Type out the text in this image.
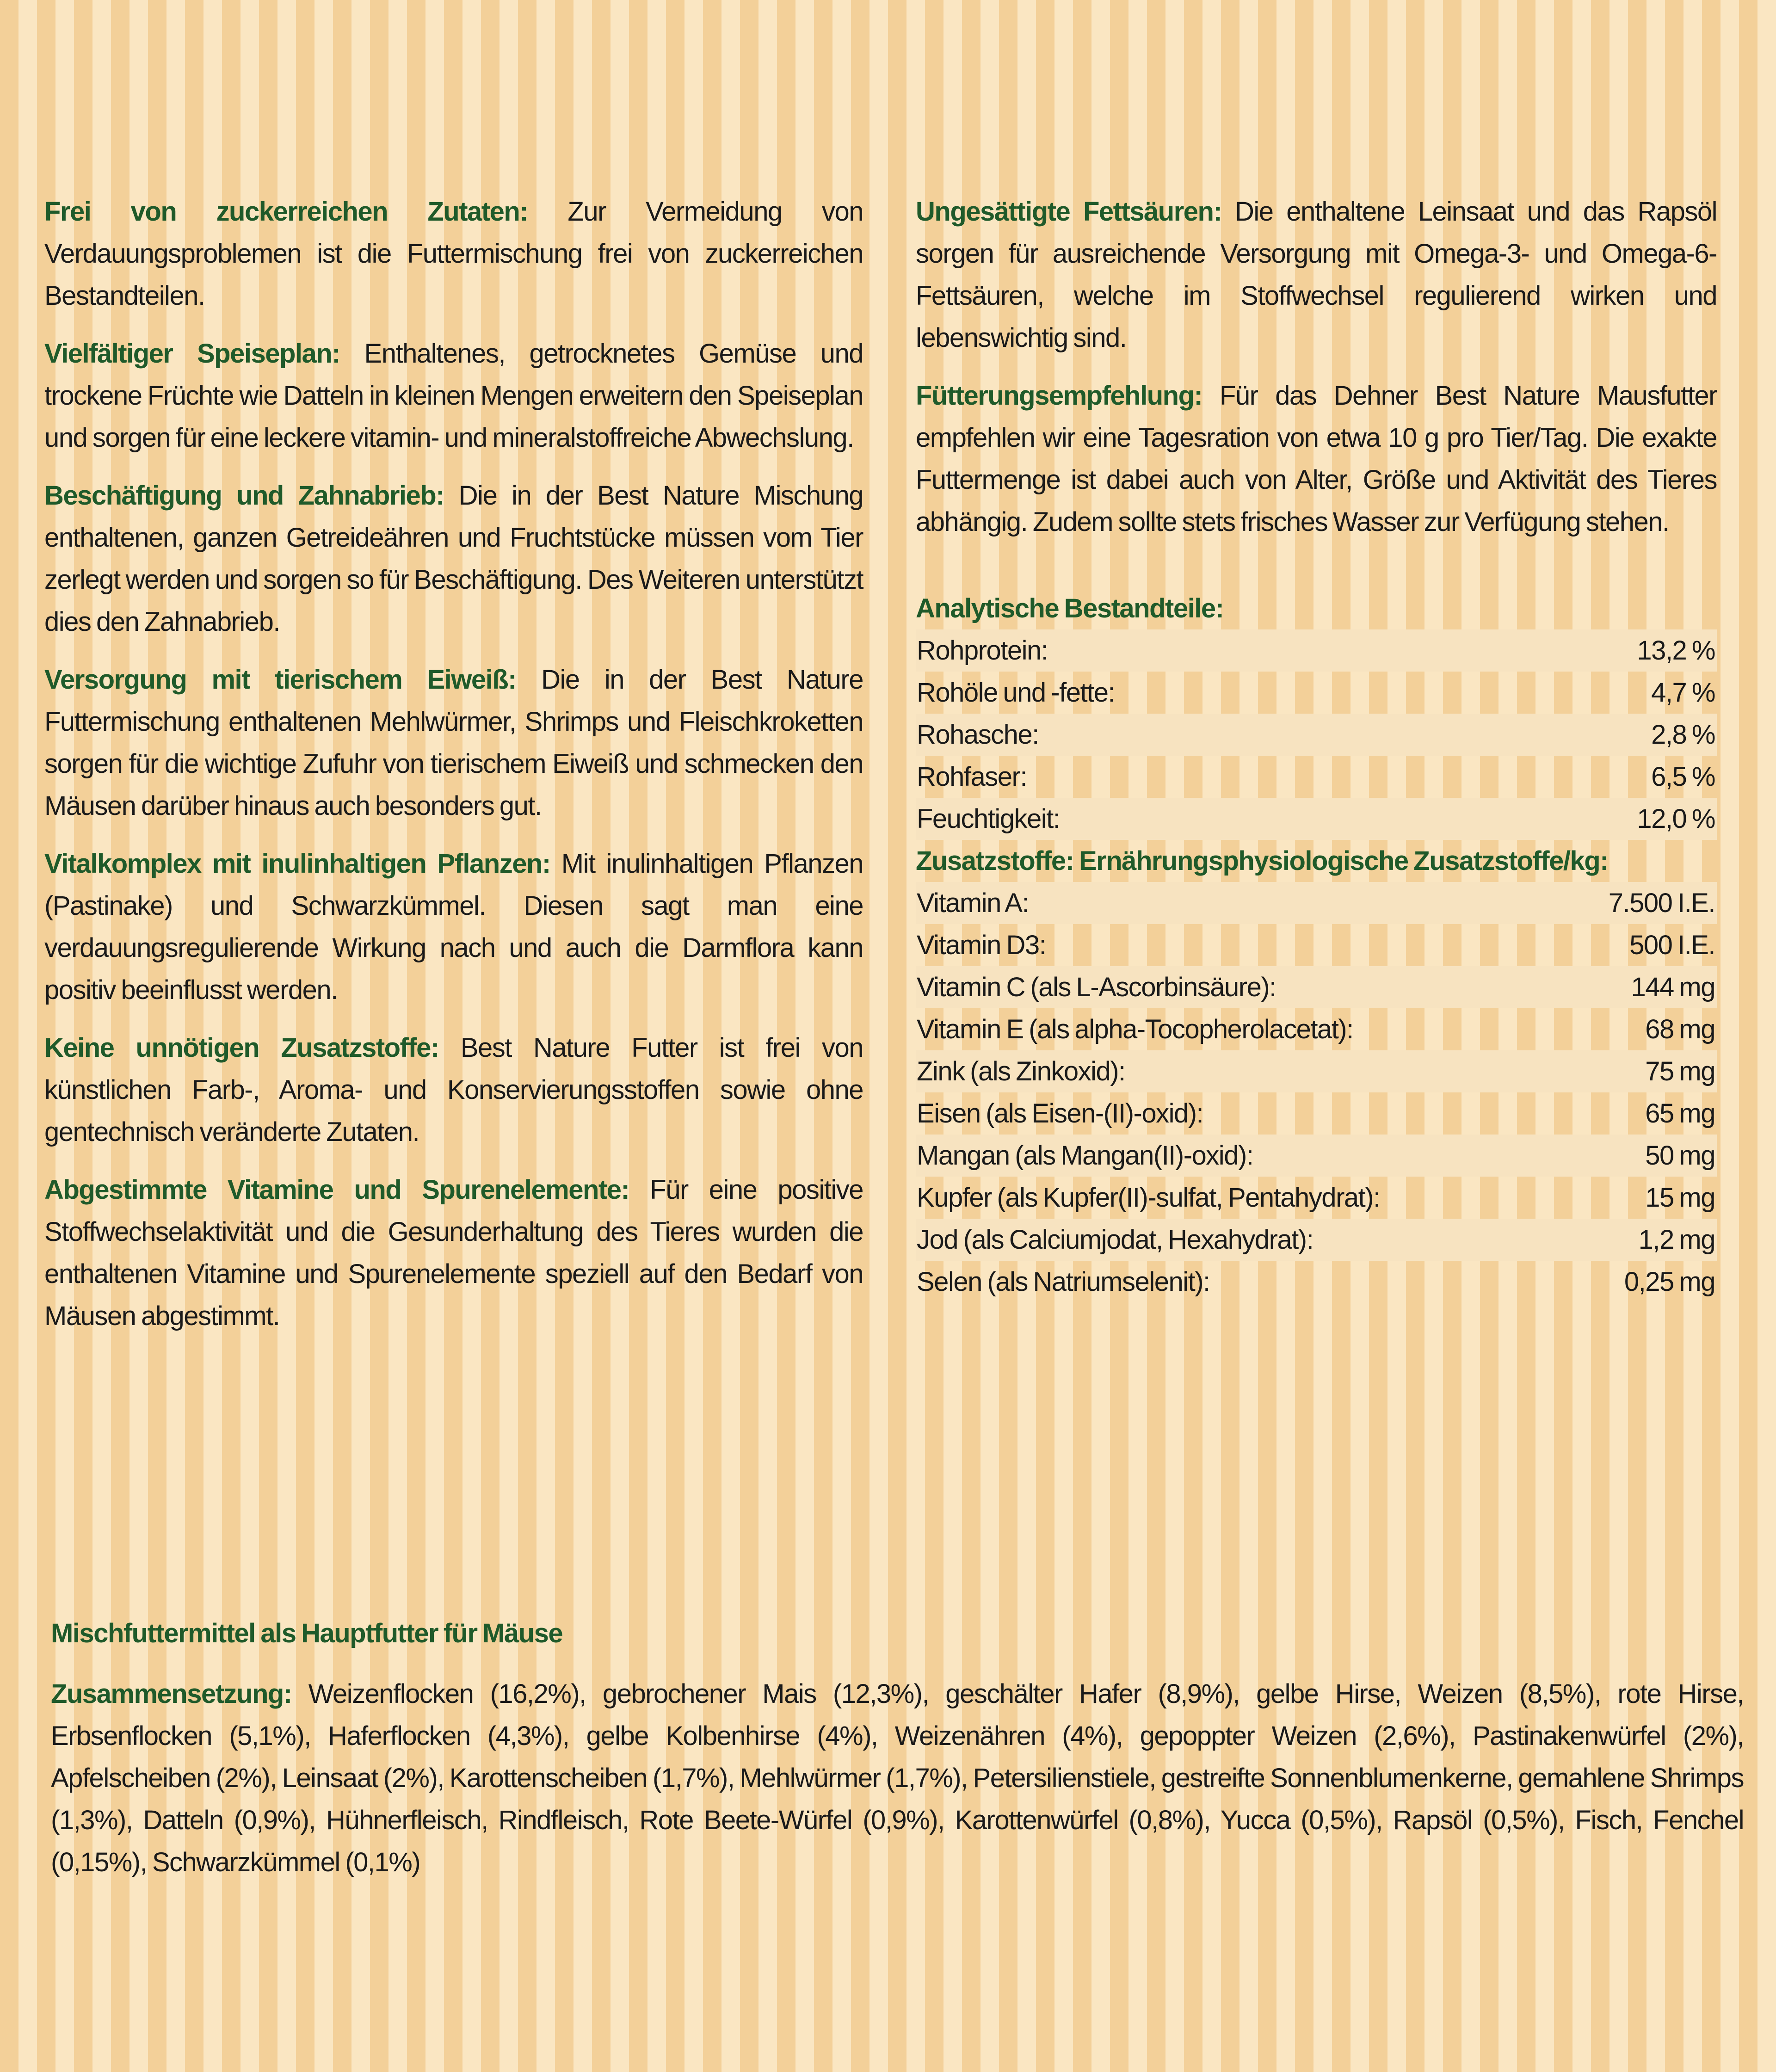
Frei von zuckerreichen Zutaten: Zur Vermeidung von Verdauungsproblemen ist die Futtermischung frei von zuckerreichen Bestandteilen.

Vielfältiger Speiseplan: Enthaltenes, getrocknetes Gemüse und trockene Früchte wie Datteln in kleinen Mengen erweitern den Speiseplan und sorgen für eine leckere vitamin- und mineralstoffreiche Abwechslung.

Beschäftigung und Zahnabrieb: Die in der Best Nature Mischung enthaltenen, ganzen Getreideähren und Fruchtstücke müssen vom Tier zerlegt werden und sorgen so für Beschäftigung. Des Weiteren unterstützt dies den Zahnabrieb.

Versorgung mit tierischem Eiweiß: Die in der Best Nature Futtermischung enthaltenen Mehlwürmer, Shrimps und Fleischkroketten sorgen für die wichtige Zufuhr von tierischem Eiweiß und schmecken den Mäusen darüber hinaus auch besonders gut.

Vitalkomplex mit inulinhaltigen Pflanzen: Mit inulinhaltigen Pflanzen (Pastinake) und Schwarzkümmel. Diesen sagt man eine verdauungsregulierende Wirkung nach und auch die Darmflora kann positiv beeinflusst werden.

Keine unnötigen Zusatzstoffe: Best Nature Futter ist frei von künstlichen Farb-, Aroma- und Konservierungsstoffen sowie ohne gentechnisch veränderte Zutaten.

Abgestimmte Vitamine und Spurenelemente: Für eine positive Stoffwechselaktivität und die Gesunderhaltung des Tieres wurden die enthaltenen Vitamine und Spurenelemente speziell auf den Bedarf von Mäusen abgestimmt.

Ungesättigte Fettsäuren: Die enthaltene Leinsaat und das Rapsöl sorgen für ausreichende Versorgung mit Omega-3- und Omega-6-Fettsäuren, welche im Stoffwechsel regulierend wirken und lebenswichtig sind.

Fütterungsempfehlung: Für das Dehner Best Nature Mausfutter empfehlen wir eine Tagesration von etwa 10 g pro Tier/Tag. Die exakte Futtermenge ist dabei auch von Alter, Größe und Aktivität des Tieres abhängig. Zudem sollte stets frisches Wasser zur Verfügung stehen.

Analytische Bestandteile:

Rohprotein:	13,2 %
Rohöle und -fette:	4,7 %
Rohasche:	2,8 %
Rohfaser:	6,5 %
Feuchtigkeit:	12,0 %

Zusatzstoffe: Ernährungsphysiologische Zusatzstoffe/kg:

Vitamin A:	7.500 I.E.
Vitamin D3:	500 I.E.
Vitamin C (als L-Ascorbinsäure):	144 mg
Vitamin E (als alpha-Tocopherolacetat):	68 mg
Zink (als Zinkoxid):	75 mg
Eisen (als Eisen-(II)-oxid):	65 mg
Mangan (als Mangan(II)-oxid):	50 mg
Kupfer (als Kupfer(II)-sulfat, Pentahydrat):	15 mg
Jod (als Calciumjodat, Hexahydrat):	1,2 mg
Selen (als Natriumselenit):	0,25 mg

Mischfuttermittel als Hauptfutter für Mäuse

Zusammensetzung: Weizenflocken (16,2%), gebrochener Mais (12,3%), geschälter Hafer (8,9%), gelbe Hirse, Weizen (8,5%), rote Hirse, Erbsenflocken (5,1%), Haferflocken (4,3%), gelbe Kolbenhirse (4%), Weizenähren (4%), gepoppter Weizen (2,6%), Pastinakenwürfel (2%), Apfelscheiben (2%), Leinsaat (2%), Karottenscheiben (1,7%), Mehlwürmer (1,7%), Petersilienstiele, gestreifte Sonnenblumenkerne, gemahlene Shrimps (1,3%), Datteln (0,9%), Hühnerfleisch, Rindfleisch, Rote Beete-Würfel (0,9%), Karottenwürfel (0,8%), Yucca (0,5%), Rapsöl (0,5%), Fisch, Fenchel (0,15%), Schwarzkümmel (0,1%)
